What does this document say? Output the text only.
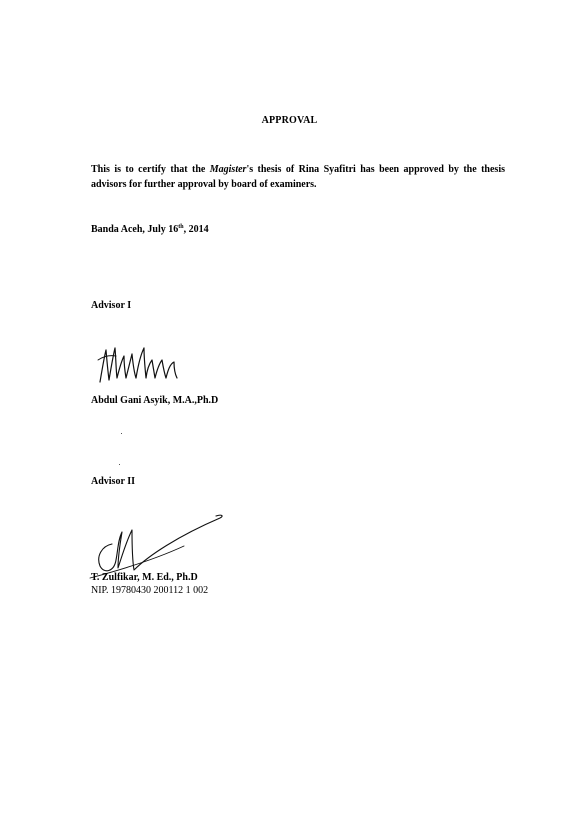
APPROVAL
This is to certify that the Magister's thesis of Rina Syafitri has been approved by the thesis advisors for further approval by board of examiners.
Banda Aceh, July 16th, 2014
Advisor I
Abdul Gani Asyik, M.A.,Ph.D
Advisor II
T. Zulfikar, M. Ed., Ph.D
NIP. 19780430 200112 1 002
